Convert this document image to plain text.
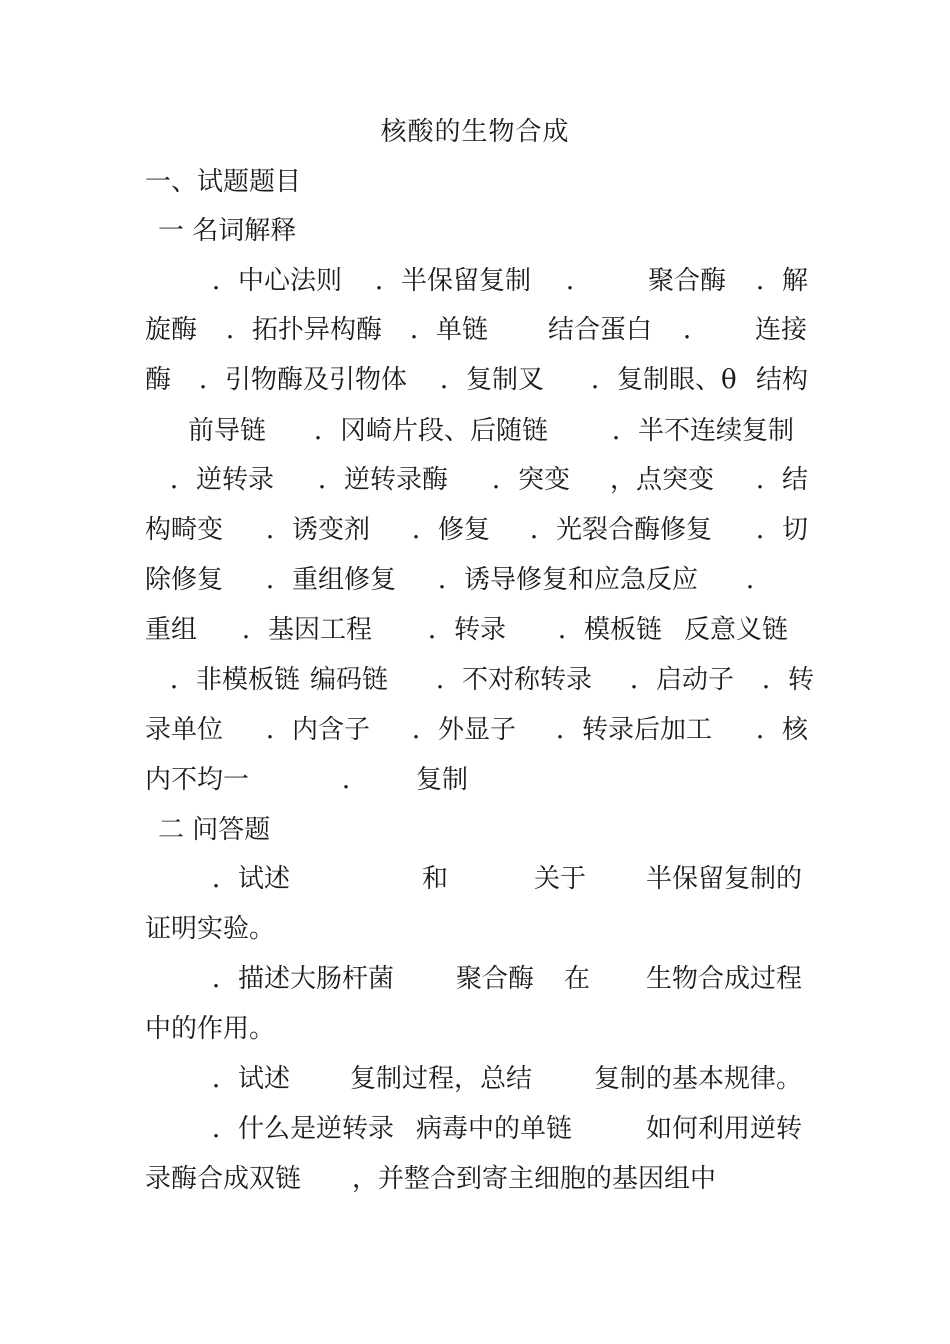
核酸的生物合成
一、试题题目
一 名词解释
．中心法则 ．半保留复制 ． 聚合酶 ．解
旋酶 ．拓扑异构酶 ．单链 结合蛋白 ． 连接
酶 ．引物酶及引物体 ．复制叉 ．复制眼、θ 结构
前导链 ．冈崎片段、后随链 ．半不连续复制
．逆转录 ．逆转录酶 ．突变 ，点突变 ．结
构畸变 ．诱变剂 ．修复 ．光裂合酶修复 ．切
除修复 ．重组修复 ．诱导修复和应急反应 ．
重组 ．基因工程 ．转录 ．模板链 反意义链
．非模板链 编码链 ．不对称转录 ．启动子 ．转
录单位 ．内含子 ．外显子 ．转录后加工 ．核
内不均一	． 复制
二 问答题
．试述	和	关于 半保留复制的
证明实验。
．描述大肠杆菌 聚合酶 在 生物合成过程
中的作用。
．试述 复制过程，总结 复制的基本规律。
．什么是逆转录 病毒中的单链	如何利用逆转
录酶合成双链 ，并整合到寄主细胞的基因组中
